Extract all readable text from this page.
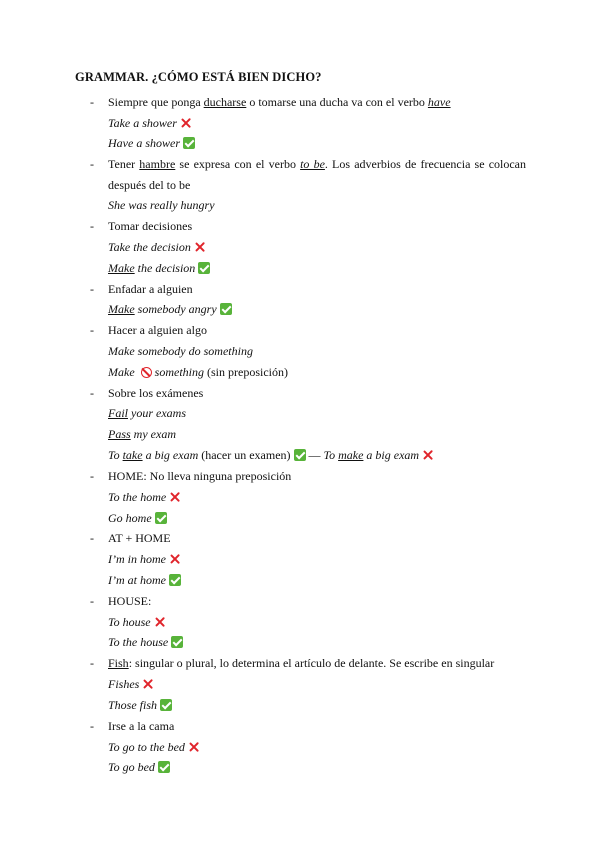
GRAMMAR. ¿CÓMO ESTÁ BIEN DICHO?
- Siempre que ponga ducharse o tomarse una ducha va con el verbo have
Take a shower
Have a shower
- Tener hambre se expresa con el verbo to be. Los adverbios de frecuencia se colocan
después del to be
She was really hungry
- Tomar decisiones
Take the decision
Make the decision
- Enfadar a alguien
Make somebody angry
- Hacer a alguien algo
Make somebody do something
Make something (sin preposición)
- Sobre los exámenes
Fail your exams
Pass my exam
To take a big exam (hacer un examen) — To make a big exam
- HOME: No lleva ninguna preposición
To the home
Go home
- AT + HOME
I’m in home
I’m at home
- HOUSE:
To house
To the house
- Fish: singular o plural, lo determina el artículo de delante. Se escribe en singular
Fishes
Those fish
- Irse a la cama
To go to the bed
To go bed
